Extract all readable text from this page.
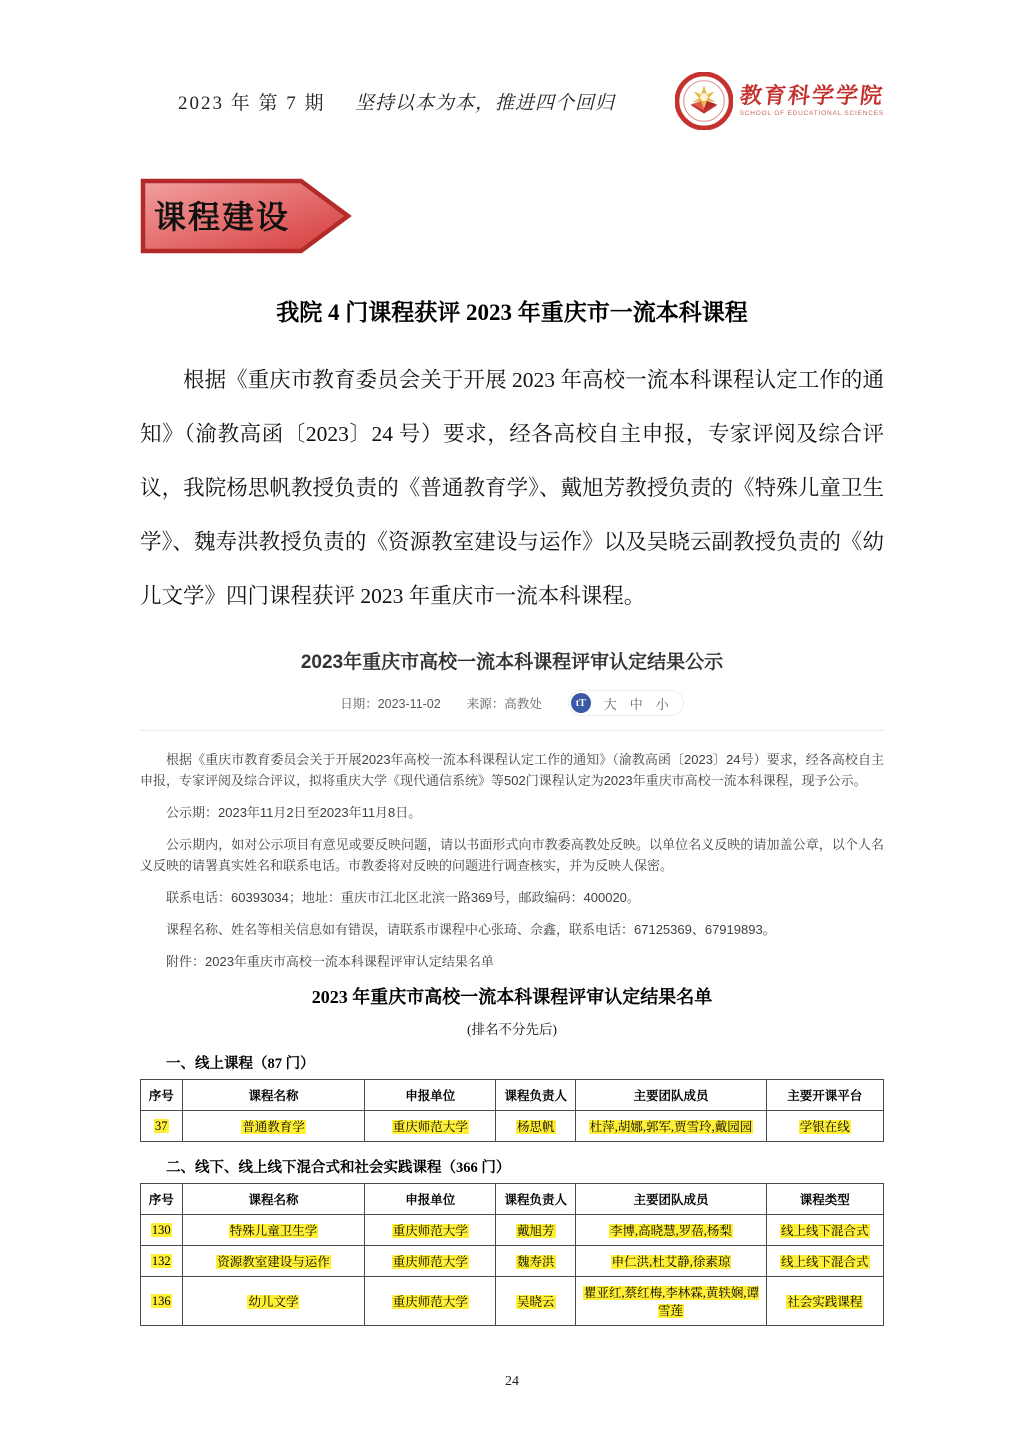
2023 年 第 7 期 坚持以本为本，推进四个回归	教育科学学院
SCHOOL OF EDUCATIONAL SCIENCES
课程建设
我院 4 门课程获评 2023 年重庆市一流本科课程

根据《重庆市教育委员会关于开展 2023 年高校一流本科课程认定工作的通知》（渝教高函〔2023〕24 号）要求，经各高校自主申报，专家评阅及综合评议，我院杨思帆教授负责的《普通教育学》、戴旭芳教授负责的《特殊儿童卫生学》、魏寿洪教授负责的《资源教室建设与运作》以及吴晓云副教授负责的《幼儿文学》四门课程获评 2023 年重庆市一流本科课程。

2023年重庆市高校一流本科课程评审认定结果公示
日期：2023-11-02 来源：高教处	tT	大 中 小

根据《重庆市教育委员会关于开展2023年高校一流本科课程认定工作的通知》（渝教高函〔2023〕24号）要求，经各高校自主申报，专家评阅及综合评议，拟将重庆大学《现代通信系统》等502门课程认定为2023年重庆市高校一流本科课程，现予公示。

公示期：2023年11月2日至2023年11月8日。

公示期内，如对公示项目有意见或要反映问题，请以书面形式向市教委高教处反映。以单位名义反映的请加盖公章，以个人名义反映的请署真实姓名和联系电话。市教委将对反映的问题进行调查核实，并为反映人保密。

联系电话：60393034；地址：重庆市江北区北滨一路369号，邮政编码：400020。

课程名称、姓名等相关信息如有错误，请联系市课程中心张琦、佘鑫，联系电话：67125369、67919893。

附件：2023年重庆市高校一流本科课程评审认定结果名单

2023 年重庆市高校一流本科课程评审认定结果名单
(排名不分先后)
一、线上课程（87 门）
序号	课程名称	申报单位	课程负责人	主要团队成员	主要开课平台
37	普通教育学	重庆师范大学	杨思帆	杜萍,胡娜,郭军,贾雪玲,戴园园	学银在线
二、线下、线上线下混合式和社会实践课程（366 门）
序号	课程名称	申报单位	课程负责人	主要团队成员	课程类型
130	特殊儿童卫生学	重庆师范大学	戴旭芳	李博,高晓慧,罗蓓,杨梨	线上线下混合式
132	资源教室建设与运作	重庆师范大学	魏寿洪	申仁洪,杜艾静,徐素琼	线上线下混合式
136	幼儿文学	重庆师范大学	吴晓云	瞿亚红,蔡红梅,李林霖,黄轶娴,谭雪莲	社会实践课程
24
